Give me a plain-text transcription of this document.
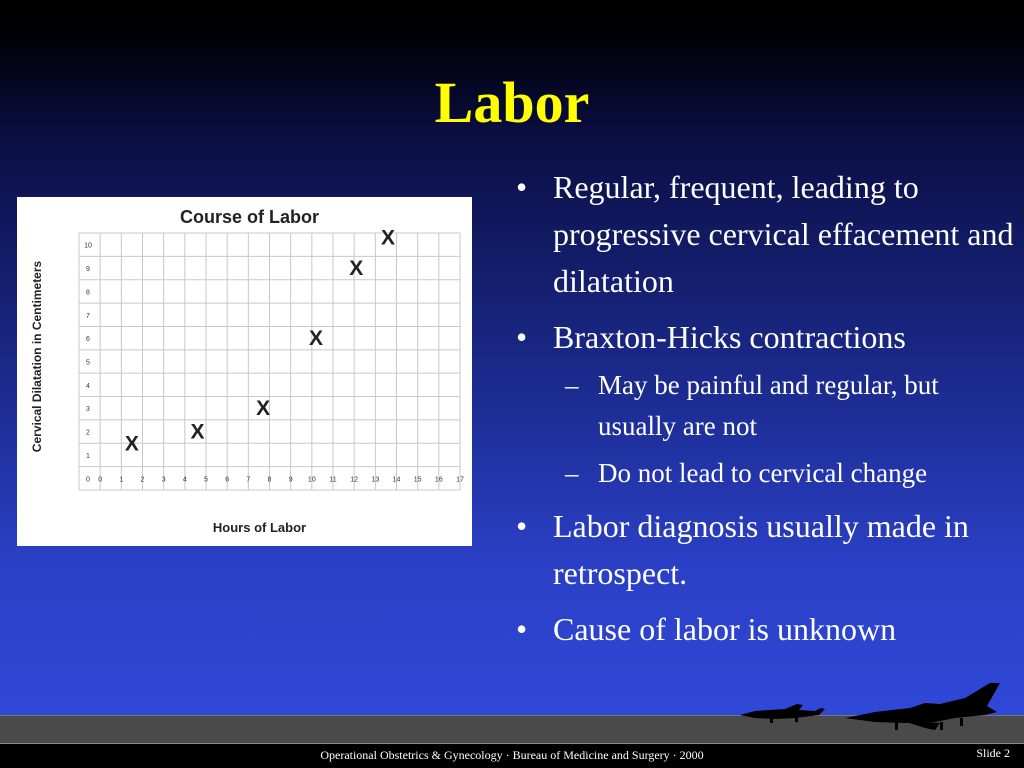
Labor
Course of Labor
Cervical Dilatation in Centimeters
Hours of Labor
0
1
2
3
4
5
6
7
8
9
10
0 1 2 3 4 5 6 7 8 9 10 11 12 13 14 15 16 17
X
X
X
X
X
X
• Regular, frequent, leading to progressive cervical effacement and dilatation
• Braxton-Hicks contractions
– May be painful and regular, but usually are not
– Do not lead to cervical change
• Labor diagnosis usually made in retrospect.
• Cause of labor is unknown
Operational Obstetrics & Gynecology · Bureau of Medicine and Surgery · 2000	Slide 2
